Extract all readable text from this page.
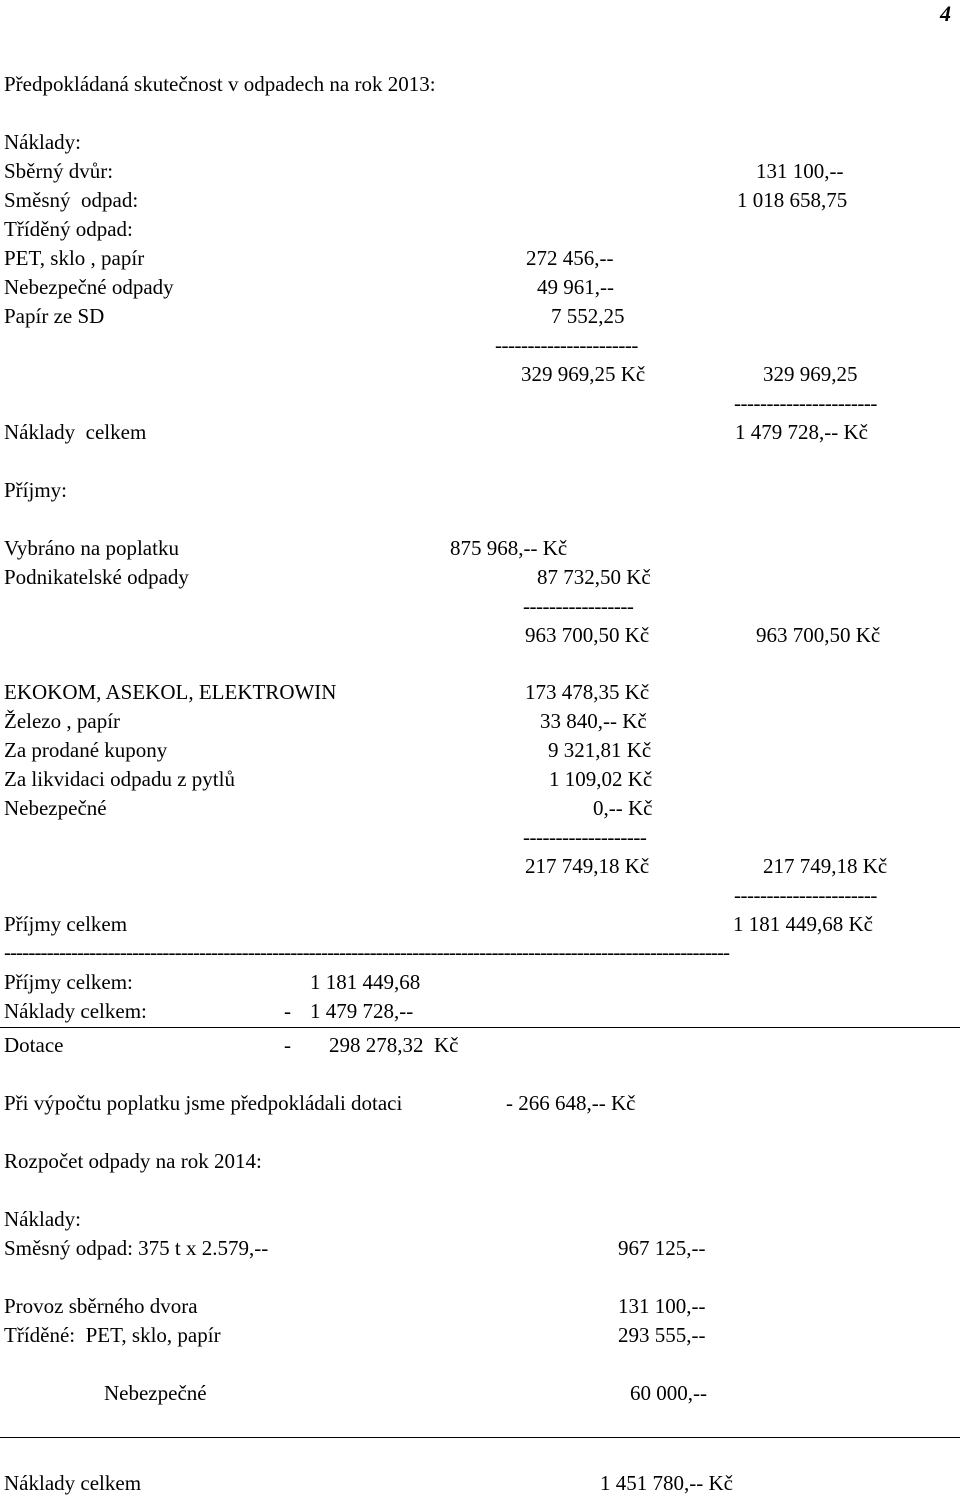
4
Předpokládaná skutečnost v odpadech na rok 2013:
Náklady:
Sběrný dvůr:	131 100,--
Směsný  odpad:	1 018 658,75
Tříděný odpad:
PET, sklo , papír	272 456,--
Nebezpečné odpady	49 961,--
Papír ze SD	7 552,25
----------------------
329 969,25 Kč	329 969,25
----------------------
Náklady  celkem	1 479 728,-- Kč
Příjmy:
Vybráno na poplatku	875 968,-- Kč
Podnikatelské odpady	87 732,50 Kč
-----------------
963 700,50 Kč	963 700,50 Kč
EKOKOM, ASEKOL, ELEKTROWIN	173 478,35 Kč
Železo , papír	33 840,-- Kč
Za prodané kupony	9 321,81 Kč
Za likvidaci odpadu z pytlů	1 109,02 Kč
Nebezpečné	0,-- Kč
-------------------
217 749,18 Kč	217 749,18 Kč
----------------------
Příjmy celkem	1 181 449,68 Kč
-----------------------------------------------------------------------------------------------------------------------
Příjmy celkem:	1 181 449,68
Náklady celkem:	- 1 479 728,--
Dotace	- 298 278,32  Kč
Při výpočtu poplatku jsme předpokládali dotaci	- 266 648,-- Kč
Rozpočet odpady na rok 2014:
Náklady:
Směsný odpad: 375 t x 2.579,--	967 125,--
Provoz sběrného dvora	131 100,--
Tříděné:  PET, sklo, papír	293 555,--
Nebezpečné	60 000,--
Náklady celkem	1 451 780,-- Kč
